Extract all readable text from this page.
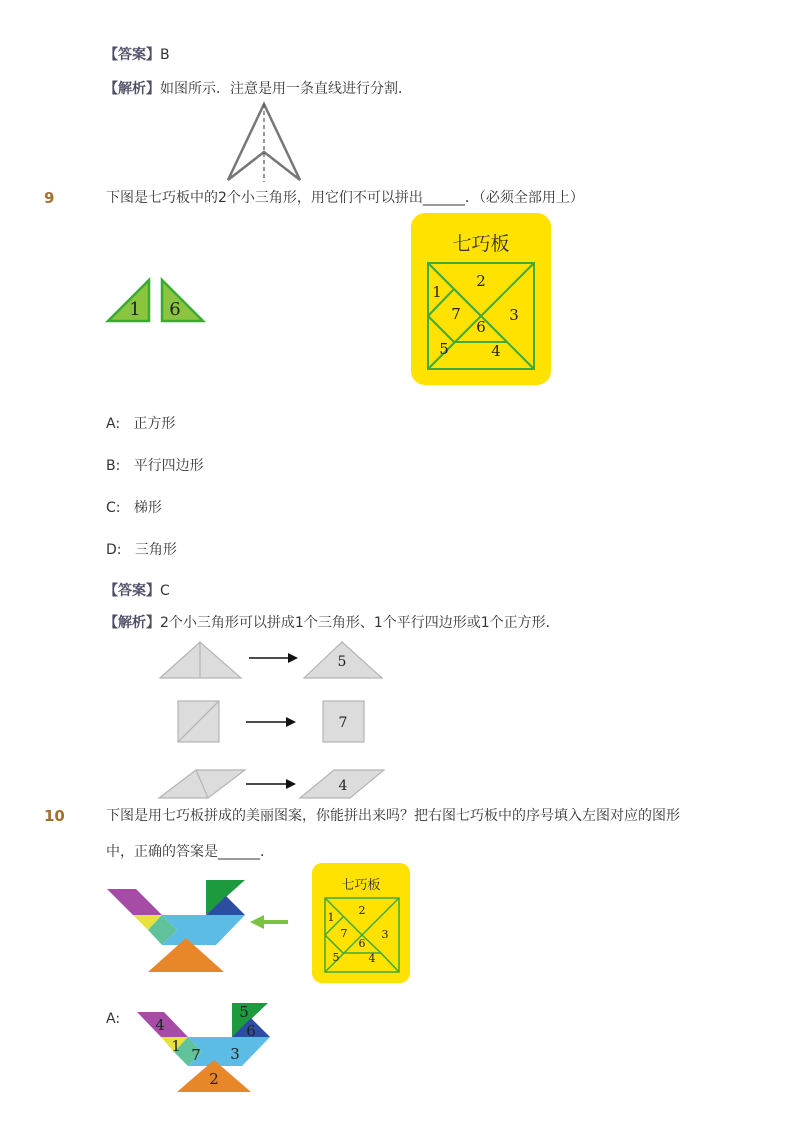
【答案】B
【解析】如图所示．注意是用一条直线进行分割．
9	下图是七巧板中的2个小三角形，用它们不可以拼出______．（必须全部用上）
1 6
七巧板
1
2
3
4
5
6
7
A: 正方形
B: 平行四边形
C: 梯形
D: 三角形
【答案】C
【解析】2个小三角形可以拼成1个三角形、1个平行四边形或1个正方形．
5
7
4
10	下图是用七巧板拼成的美丽图案，你能拼出来吗？把右图七巧板中的序号填入左图对应的图形
中，正确的答案是______．
七巧板
1
2
3
4
5
6
7
A: 4
1 7 3
2
5
6
